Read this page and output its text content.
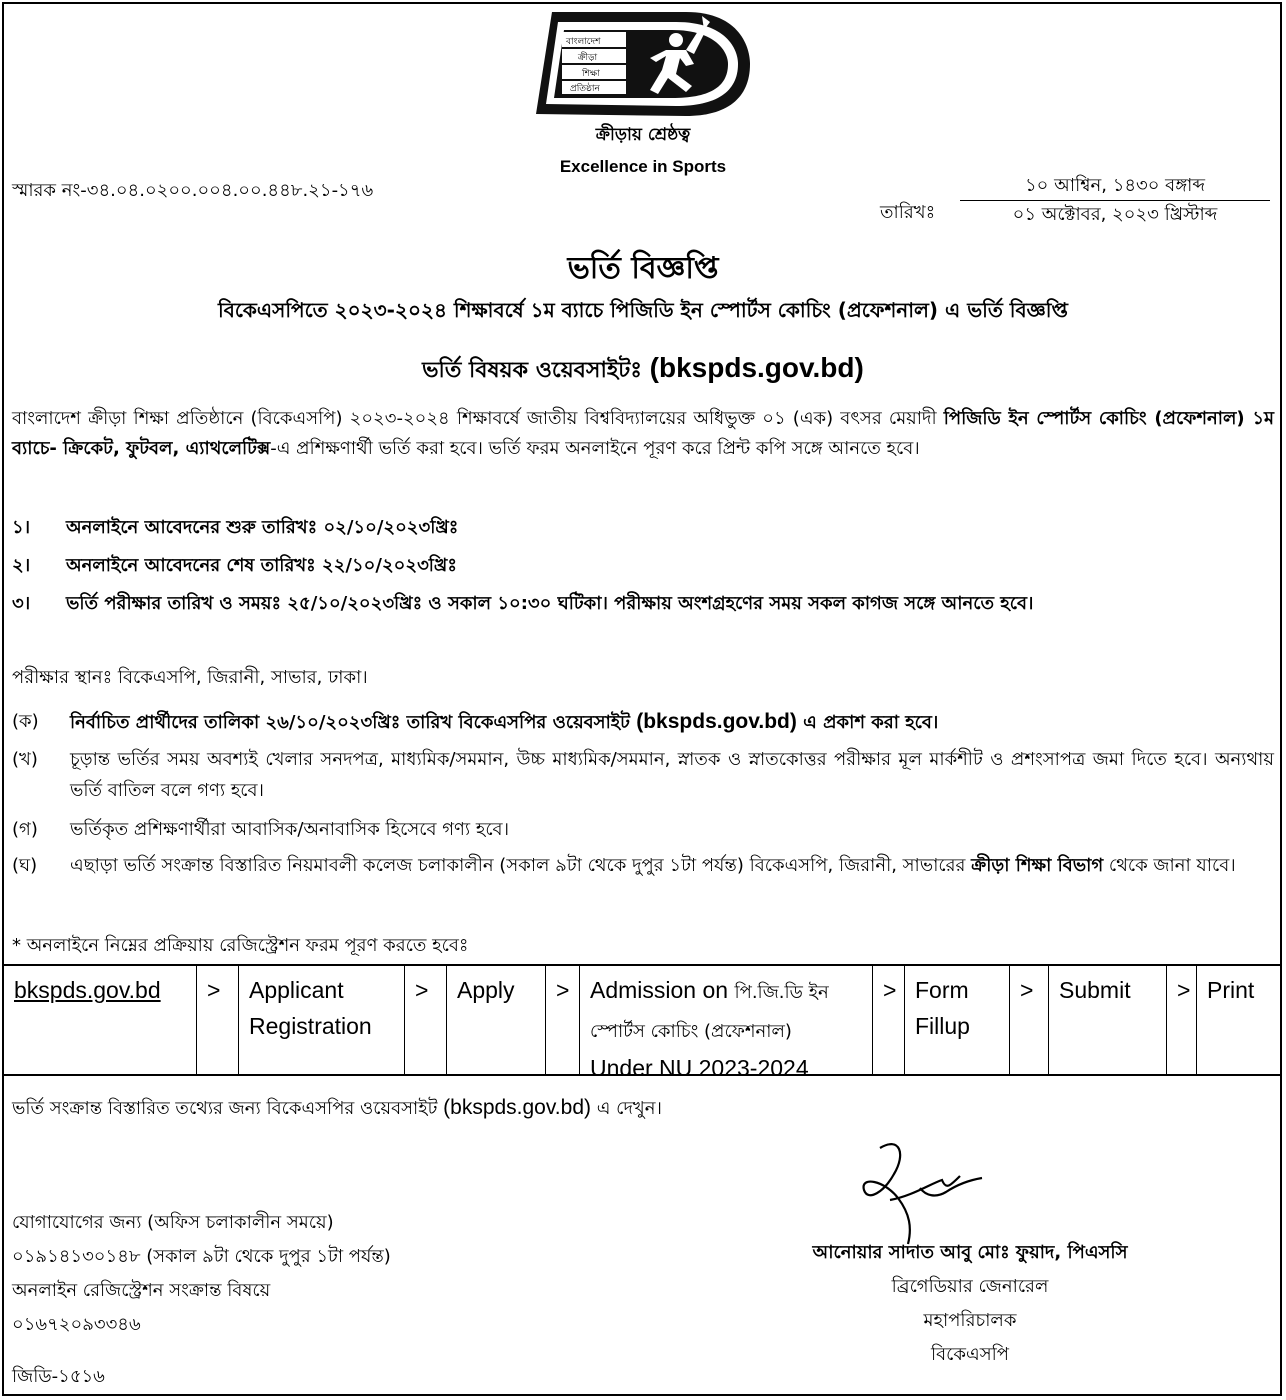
বাংলাদেশ
ক্রীড়া
শিক্ষা
প্রতিষ্ঠান
ক্রীড়ায় শ্রেষ্ঠত্ব
Excellence in Sports
স্মারক নং-৩৪.০৪.০২০০.০০৪.০০.৪৪৮.২১-১৭৬
তারিখঃ
১০ আশ্বিন, ১৪৩০ বঙ্গাব্দ
০১ অক্টোবর, ২০২৩ খ্রিস্টাব্দ
ভর্তি বিজ্ঞপ্তি
বিকেএসপিতে ২০২৩-২০২৪ শিক্ষাবর্ষে ১ম ব্যাচে পিজিডি ইন স্পোর্টস কোচিং (প্রফেশনাল) এ ভর্তি বিজ্ঞপ্তি
ভর্তি বিষয়ক ওয়েবসাইটঃ (bkspds.gov.bd)
বাংলাদেশ ক্রীড়া শিক্ষা প্রতিষ্ঠানে (বিকেএসপি) ২০২৩-২০২৪ শিক্ষাবর্ষে জাতীয় বিশ্ববিদ্যালয়ের অধিভুক্ত ০১ (এক) বৎসর মেয়াদী পিজিডি ইন স্পোর্টস কোচিং (প্রফেশনাল) ১ম ব্যাচে- ক্রিকেট, ফুটবল, এ্যাথলেটিক্স-এ প্রশিক্ষণার্থী ভর্তি করা হবে। ভর্তি ফরম অনলাইনে পূরণ করে প্রিন্ট কপি সঙ্গে আনতে হবে।
১।	অনলাইনে আবেদনের শুরু তারিখঃ ০২/১০/২০২৩খ্রিঃ
২।	অনলাইনে আবেদনের শেষ তারিখঃ ২২/১০/২০২৩খ্রিঃ
৩।	ভর্তি পরীক্ষার তারিখ ও সময়ঃ ২৫/১০/২০২৩খ্রিঃ ও সকাল ১০:৩০ ঘটিকা। পরীক্ষায় অংশগ্রহণের সময় সকল কাগজ সঙ্গে আনতে হবে।
পরীক্ষার স্থানঃ বিকেএসপি, জিরানী, সাভার, ঢাকা।
(ক)	নির্বাচিত প্রার্থীদের তালিকা ২৬/১০/২০২৩খ্রিঃ তারিখ বিকেএসপির ওয়েবসাইট (bkspds.gov.bd) এ প্রকাশ করা হবে।
(খ)	চূড়ান্ত ভর্তির সময় অবশ্যই খেলার সনদপত্র, মাধ্যমিক/সমমান, উচ্চ মাধ্যমিক/সমমান, স্নাতক ও স্নাতকোত্তর পরীক্ষার মূল মার্কশীট ও প্রশংসাপত্র জমা দিতে হবে। অন্যথায় ভর্তি বাতিল বলে গণ্য হবে।
(গ)	ভর্তিকৃত প্রশিক্ষণার্থীরা আবাসিক/অনাবাসিক হিসেবে গণ্য হবে।
(ঘ)	এছাড়া ভর্তি সংক্রান্ত বিস্তারিত নিয়মাবলী কলেজ চলাকালীন (সকাল ৯টা থেকে দুপুর ১টা পর্যন্ত) বিকেএসপি, জিরানী, সাভারের ক্রীড়া শিক্ষা বিভাগ থেকে জানা যাবে।
* অনলাইনে নিম্নের প্রক্রিয়ায় রেজিস্ট্রেশন ফরম পূরণ করতে হবেঃ
bkspds.gov.bd	>	Applicant
Registration
>	Apply	> Admission on পি.জি.ডি ইন
স্পোর্টস কোচিং (প্রফেশনাল)
Under NU 2023-2024
> Form
Fillup
>	Submit	> Print
ভর্তি সংক্রান্ত বিস্তারিত তথ্যের জন্য বিকেএসপির ওয়েবসাইট (bkspds.gov.bd) এ দেখুন।
যোগাযোগের জন্য (অফিস চলাকালীন সময়ে)
০১৯১৪১৩০১৪৮ (সকাল ৯টা থেকে দুপুর ১টা পর্যন্ত)
অনলাইন রেজিস্ট্রেশন সংক্রান্ত বিষয়ে
০১৬৭২০৯৩৩৪৬
আনোয়ার সাদাত আবু মোঃ ফুয়াদ, পিএসসি
ব্রিগেডিয়ার জেনারেল
মহাপরিচালক
বিকেএসপি
জিডি-১৫১৬
